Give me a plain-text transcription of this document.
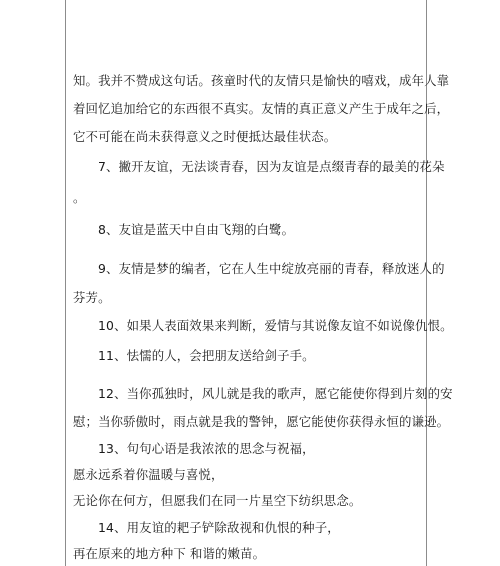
知。我并不赞成这句话。孩童时代的友情只是愉快的嘻戏，成年人靠
着回忆追加给它的东西很不真实。友情的真正意义产生于成年之后，
它不可能在尚未获得意义之时便抵达最佳状态。
7、撇开友谊，无法谈青春，因为友谊是点缀青春的最美的花朵
。
8、友谊是蓝天中自由飞翔的白鹭。
9、友情是梦的编者，它在人生中绽放亮丽的青春，释放迷人的
芬芳。
10、如果人表面效果来判断，爱情与其说像友谊不如说像仇恨。
11、怯懦的人，会把朋友送给剑子手。
12、当你孤独时，风儿就是我的歌声，愿它能使你得到片刻的安
慰；当你骄傲时，雨点就是我的警钟，愿它能使你获得永恒的谦逊。
13、句句心语是我浓浓的思念与祝福，
愿永远系着你温暖与喜悦，
无论你在何方，但愿我们在同一片星空下纺织思念。
14、用友谊的耙子铲除敌视和仇恨的种子，
再在原来的地方种下 和谐的嫩苗。
